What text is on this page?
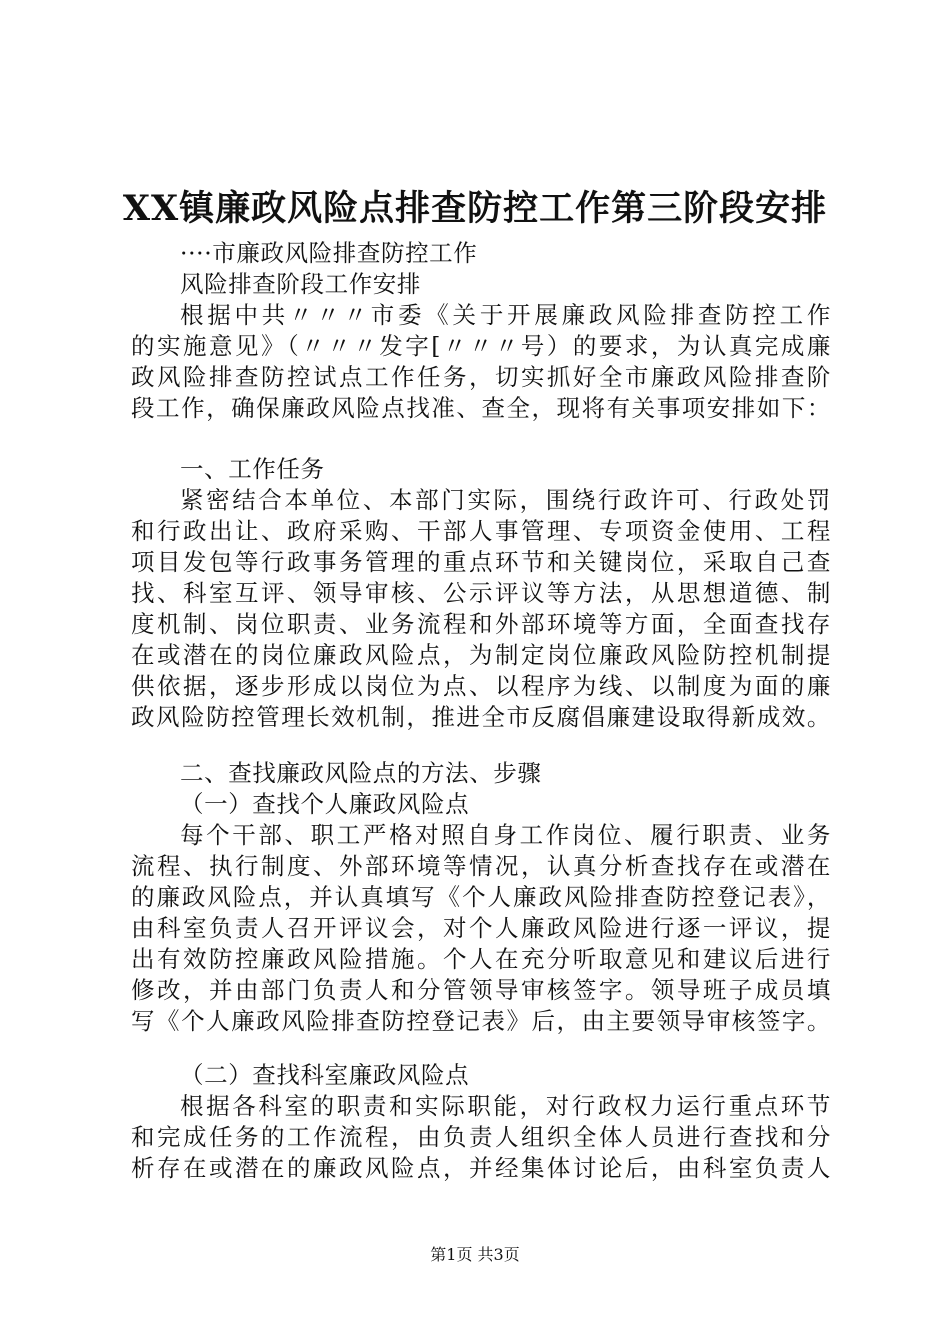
XX镇廉政风险点排查防控工作第三阶段安排
····市廉政风险排查防控工作
风险排查阶段工作安排
根据中共〃〃〃市委《关于开展廉政风险排查防控工作
的实施意见》（〃〃〃发字[〃〃〃号）的要求，为认真完成廉
政风险排查防控试点工作任务，切实抓好全市廉政风险排查阶
段工作，确保廉政风险点找准、查全，现将有关事项安排如下：
一、工作任务
紧密结合本单位、本部门实际，围绕行政许可、行政处罚
和行政出让、政府采购、干部人事管理、专项资金使用、工程
项目发包等行政事务管理的重点环节和关键岗位，采取自己查
找、科室互评、领导审核、公示评议等方法，从思想道德、制
度机制、岗位职责、业务流程和外部环境等方面，全面查找存
在或潜在的岗位廉政风险点，为制定岗位廉政风险防控机制提
供依据，逐步形成以岗位为点、以程序为线、以制度为面的廉
政风险防控管理长效机制，推进全市反腐倡廉建设取得新成效。
二、查找廉政风险点的方法、步骤
（一）查找个人廉政风险点
每个干部、职工严格对照自身工作岗位、履行职责、业务
流程、执行制度、外部环境等情况，认真分析查找存在或潜在
的廉政风险点，并认真填写《个人廉政风险排查防控登记表》，
由科室负责人召开评议会，对个人廉政风险进行逐一评议，提
出有效防控廉政风险措施。个人在充分听取意见和建议后进行
修改，并由部门负责人和分管领导审核签字。领导班子成员填
写《个人廉政风险排查防控登记表》后，由主要领导审核签字。
（二）查找科室廉政风险点
根据各科室的职责和实际职能，对行政权力运行重点环节
和完成任务的工作流程，由负责人组织全体人员进行查找和分
析存在或潜在的廉政风险点，并经集体讨论后，由科室负责人
第1页 共3页
